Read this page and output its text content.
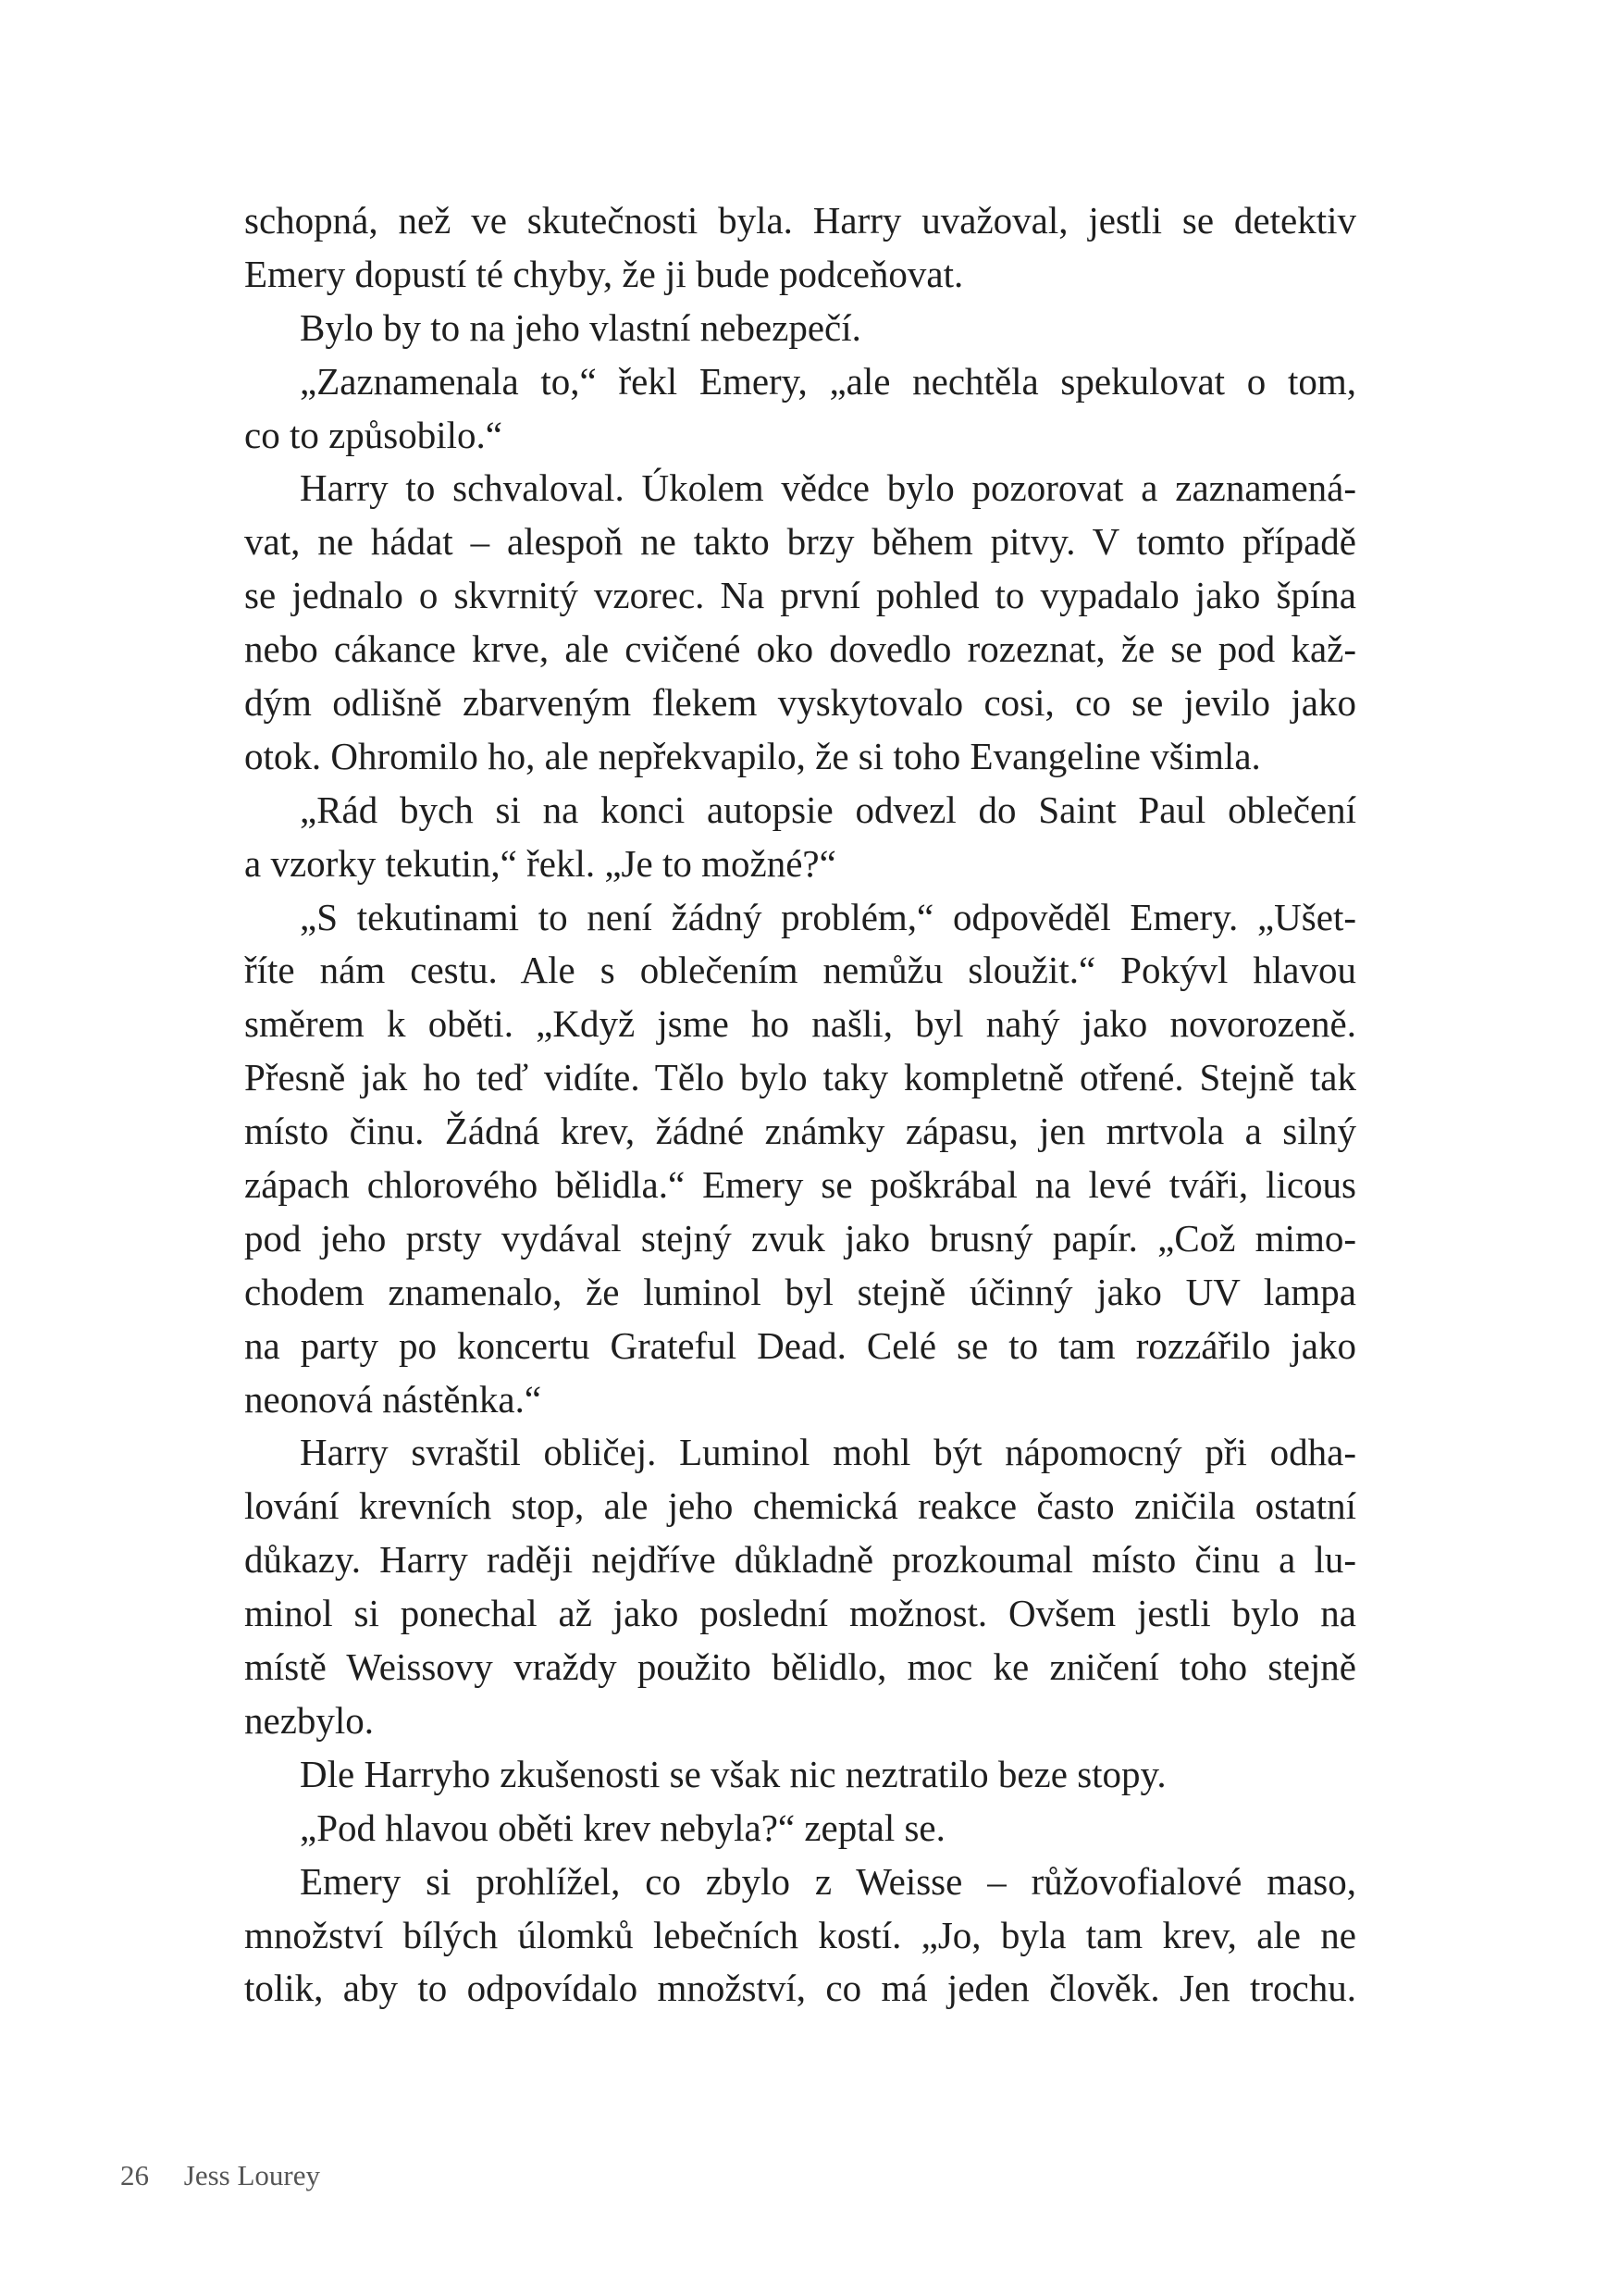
schopná, než ve skutečnosti byla. Harry uvažoval, jestli se detektiv
Emery dopustí té chyby, že ji bude podceňovat.
Bylo by to na jeho vlastní nebezpečí.
„Zaznamenala to,“ řekl Emery, „ale nechtěla spekulovat o tom,
co to způsobilo.“
Harry to schvaloval. Úkolem vědce bylo pozorovat a zaznamená-
vat, ne hádat – alespoň ne takto brzy během pitvy. V tomto případě
se jednalo o skvrnitý vzorec. Na první pohled to vypadalo jako špína
nebo cákance krve, ale cvičené oko dovedlo rozeznat, že se pod kaž-
dým odlišně zbarveným flekem vyskytovalo cosi, co se jevilo jako
otok. Ohromilo ho, ale nepřekvapilo, že si toho Evangeline všimla.
„Rád bych si na konci autopsie odvezl do Saint Paul oblečení
a vzorky tekutin,“ řekl. „Je to možné?“
„S tekutinami to není žádný problém,“ odpověděl Emery. „Ušet-
říte nám cestu. Ale s oblečením nemůžu sloužit.“ Pokývl hlavou
směrem k oběti. „Když jsme ho našli, byl nahý jako novorozeně.
Přesně jak ho teď vidíte. Tělo bylo taky kompletně otřené. Stejně tak
místo činu. Žádná krev, žádné známky zápasu, jen mrtvola a silný
zápach chlorového bělidla.“ Emery se poškrábal na levé tváři, licous
pod jeho prsty vydával stejný zvuk jako brusný papír. „Což mimo-
chodem znamenalo, že luminol byl stejně účinný jako UV lampa
na party po koncertu Grateful Dead. Celé se to tam rozzářilo jako
neonová nástěnka.“
Harry svraštil obličej. Luminol mohl být nápomocný při odha-
lování krevních stop, ale jeho chemická reakce často zničila ostatní
důkazy. Harry raději nejdříve důkladně prozkoumal místo činu a lu-
minol si ponechal až jako poslední možnost. Ovšem jestli bylo na
místě Weissovy vraždy použito bělidlo, moc ke zničení toho stejně
nezbylo.
Dle Harryho zkušenosti se však nic neztratilo beze stopy.
„Pod hlavou oběti krev nebyla?“ zeptal se.
Emery si prohlížel, co zbylo z Weisse – růžovofialové maso,
množství bílých úlomků lebečních kostí. „Jo, byla tam krev, ale ne
tolik, aby to odpovídalo množství, co má jeden člověk. Jen trochu.
26 Jess Lourey
